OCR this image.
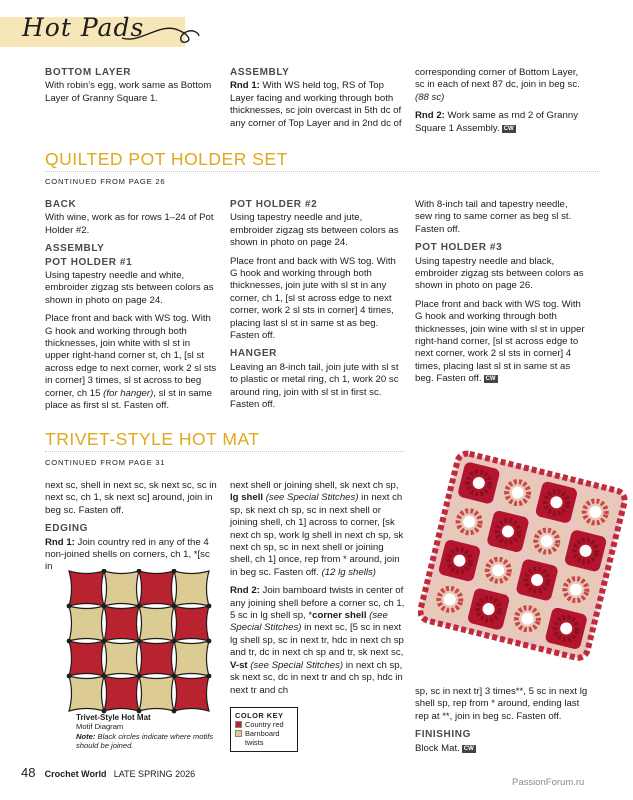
Hot Pads
BOTTOM LAYER

With robin’s egg, work same as Bottom Layer of Granny Square 1.

ASSEMBLY

Rnd 1: With WS held tog, RS of Top Layer facing and working through both thicknesses, sc join overcast in 5th dc of any corner of Top Layer and in 2nd dc of

corresponding corner of Bottom Layer, sc in each of next 87 dc, join in beg sc. (88 sc)

Rnd 2: Work same as rnd 2 of Granny Square 1 Assembly. CW

QUILTED POT HOLDER SET
CONTINUED FROM PAGE 26
BACK

With wine, work as for rows 1–24 of Pot Holder #2.

ASSEMBLY
POT HOLDER #1

Using tapestry needle and white, embroider zigzag sts between colors as shown in photo on page 24.

Place front and back with WS tog. With G hook and working through both thicknesses, join white with sl st in upper right-hand corner st, ch 1, [sl st across edge to next corner, work 2 sl sts in corner] 3 times, sl st across to beg corner, ch 15 (for hanger), sl st in same place as first sl st. Fasten off.

POT HOLDER #2

Using tapestry needle and jute, embroider zigzag sts between colors as shown in photo on page 24.

Place front and back with WS tog. With G hook and working through both thicknesses, join jute with sl st in any corner, ch 1, [sl st across edge to next corner, work 2 sl sts in corner] 4 times, placing last sl st in same st as beg. Fasten off.

HANGER

Leaving an 8-inch tail, join jute with sl st to plastic or metal ring, ch 1, work 20 sc around ring, join with sl st in first sc. Fasten off.

With 8-inch tail and tapestry needle, sew ring to same corner as beg sl st. Fasten off.

POT HOLDER #3

Using tapestry needle and black, embroider zigzag sts between colors as shown in photo on page 26.

Place front and back with WS tog. With G hook and working through both thicknesses, join wine with sl st in upper right-hand corner, [sl st across edge to next corner, work 2 sl sts in corner] 4 times, placing last sl st in same st as beg. Fasten off. CW

TRIVET-STYLE HOT MAT
CONTINUED FROM PAGE 31

next sc, shell in next sc, sk next sc, sc in next sc, ch 1, sk next sc] around, join in beg sc. Fasten off.

EDGING

Rnd 1: Join country red in any of the 4 non-joined shells on corners, ch 1, *[sc in

Trivet-Style Hot Mat
Motif Diagram
Note: Black circles indicate where motifs should be joined.

next shell or joining shell, sk next ch sp, lg shell (see Special Stitches) in next ch sp, sk next ch sp, sc in next shell or joining shell, ch 1] across to corner, [sk next ch sp, work lg shell in next ch sp, sk next ch sp, sc in next shell or joining shell, ch 1] once, rep from * around, join in beg sc. Fasten off. (12 lg shells)

Rnd 2: Join barnboard twists in center of any joining shell before a corner sc, ch 1, 5 sc in lg shell sp, *corner shell (see Special Stitches) in next sc, [5 sc in next lg shell sp, sc in next tr, hdc in next ch sp and tr, dc in next ch sp and tr, sk next sc, V-st (see Special Stitches) in next ch sp, sk next sc, dc in next tr and ch sp, hdc in next tr and ch

COLOR KEY
Country red
Barnboard
twists

sp, sc in next tr] 3 times**, 5 sc in next lg shell sp, rep from * around, ending last rep at **, join in beg sc. Fasten off.

FINISHING

Block Mat. CW

48 Crochet World LATE SPRING 2026
PassionForum.ru
